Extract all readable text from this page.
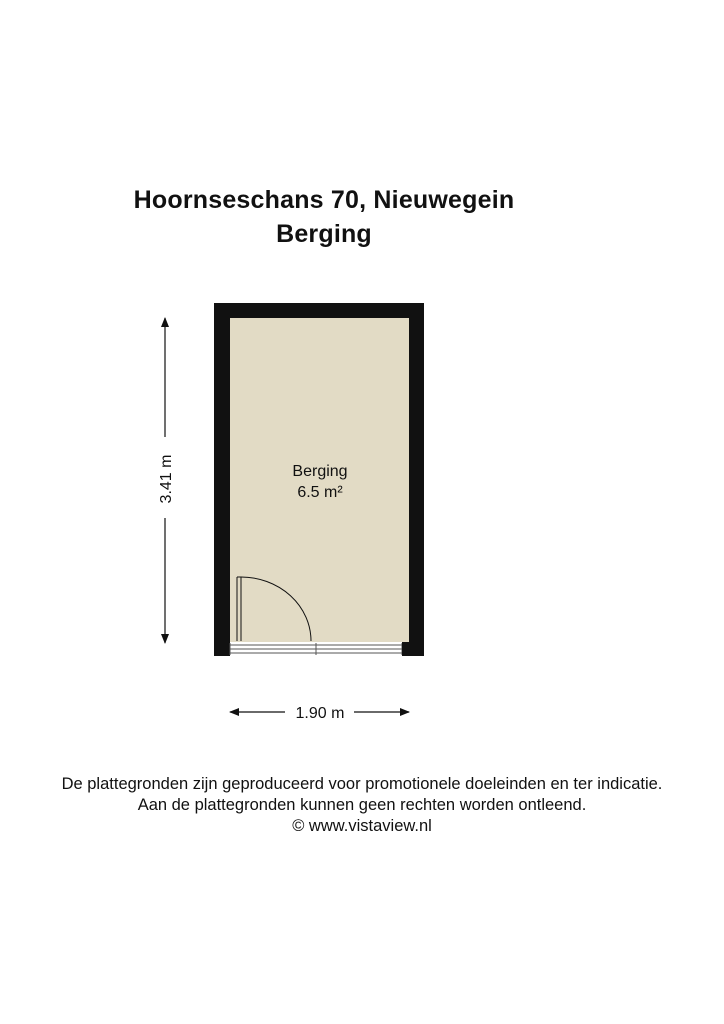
Hoornseschans 70, Nieuwegein
Berging
Berging
6.5 m²
3.41 m
1.90 m
De plattegronden zijn geproduceerd voor promotionele doeleinden en ter indicatie.
Aan de plattegronden kunnen geen rechten worden ontleend.
© www.vistaview.nl
